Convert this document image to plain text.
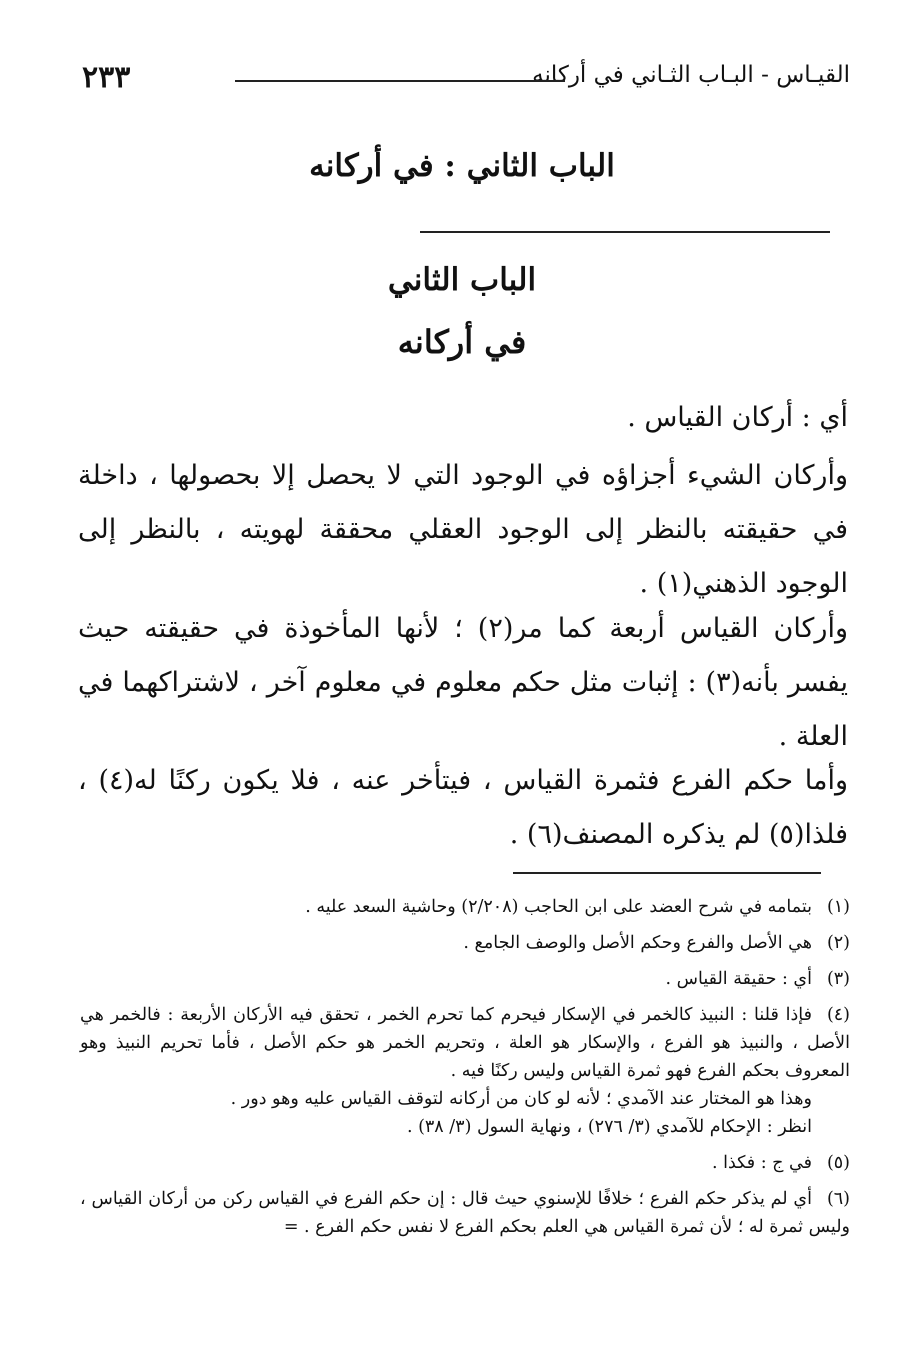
القيـاس - البـاب الثـاني في أركانه
٢٣٣
الباب الثاني : في أركانه
الباب الثاني
في أركانه
أي : أركان القياس .
وأركان الشيء أجزاؤه في الوجود التي لا يحصل إلا بحصولها ، داخلة في حقيقته بالنظر إلى الوجود العقلي محققة لهويته ، بالنظر إلى الوجود الذهني(١) .
وأركان القياس أربعة كما مر(٢) ؛ لأنها المأخوذة في حقيقته حيث يفسر بأنه(٣) : إثبات مثل حكم معلوم في معلوم آخر ، لاشتراكهما في العلة .
وأما حكم الفرع فثمرة القياس ، فيتأخر عنه ، فلا يكون ركنًا له(٤) ، فلذا(٥) لم يذكره المصنف(٦) .
(١)بتمامه في شرح العضد على ابن الحاجب (٢/٢٠٨) وحاشية السعد عليه .
(٢)هي الأصل والفرع وحكم الأصل والوصف الجامع .
(٣)أي : حقيقة القياس .
(٤)فإذا قلنا : النبيذ كالخمر في الإسكار فيحرم كما تحرم الخمر ، تحقق فيه الأركان الأربعة : فالخمر هي الأصل ، والنبيذ هو الفرع ، والإسكار هو العلة ، وتحريم الخمر هو حكم الأصل ، فأما تحريم النبيذ وهو المعروف بحكم الفرع فهو ثمرة القياس وليس ركنًا فيه .
وهذا هو المختار عند الآمدي ؛ لأنه لو كان من أركانه لتوقف القياس عليه وهو دور .
انظر : الإحكام للآمدي (٣/ ٢٧٦) ، ونهاية السول (٣/ ٣٨) .
(٥)في ج : فكذا .
(٦)أي لم يذكر حكم الفرع ؛ خلافًا للإسنوي حيث قال : إن حكم الفرع في القياس ركن من أركان القياس ، وليس ثمرة له ؛ لأن ثمرة القياس هي العلم بحكم الفرع لا نفس حكم الفرع . =
